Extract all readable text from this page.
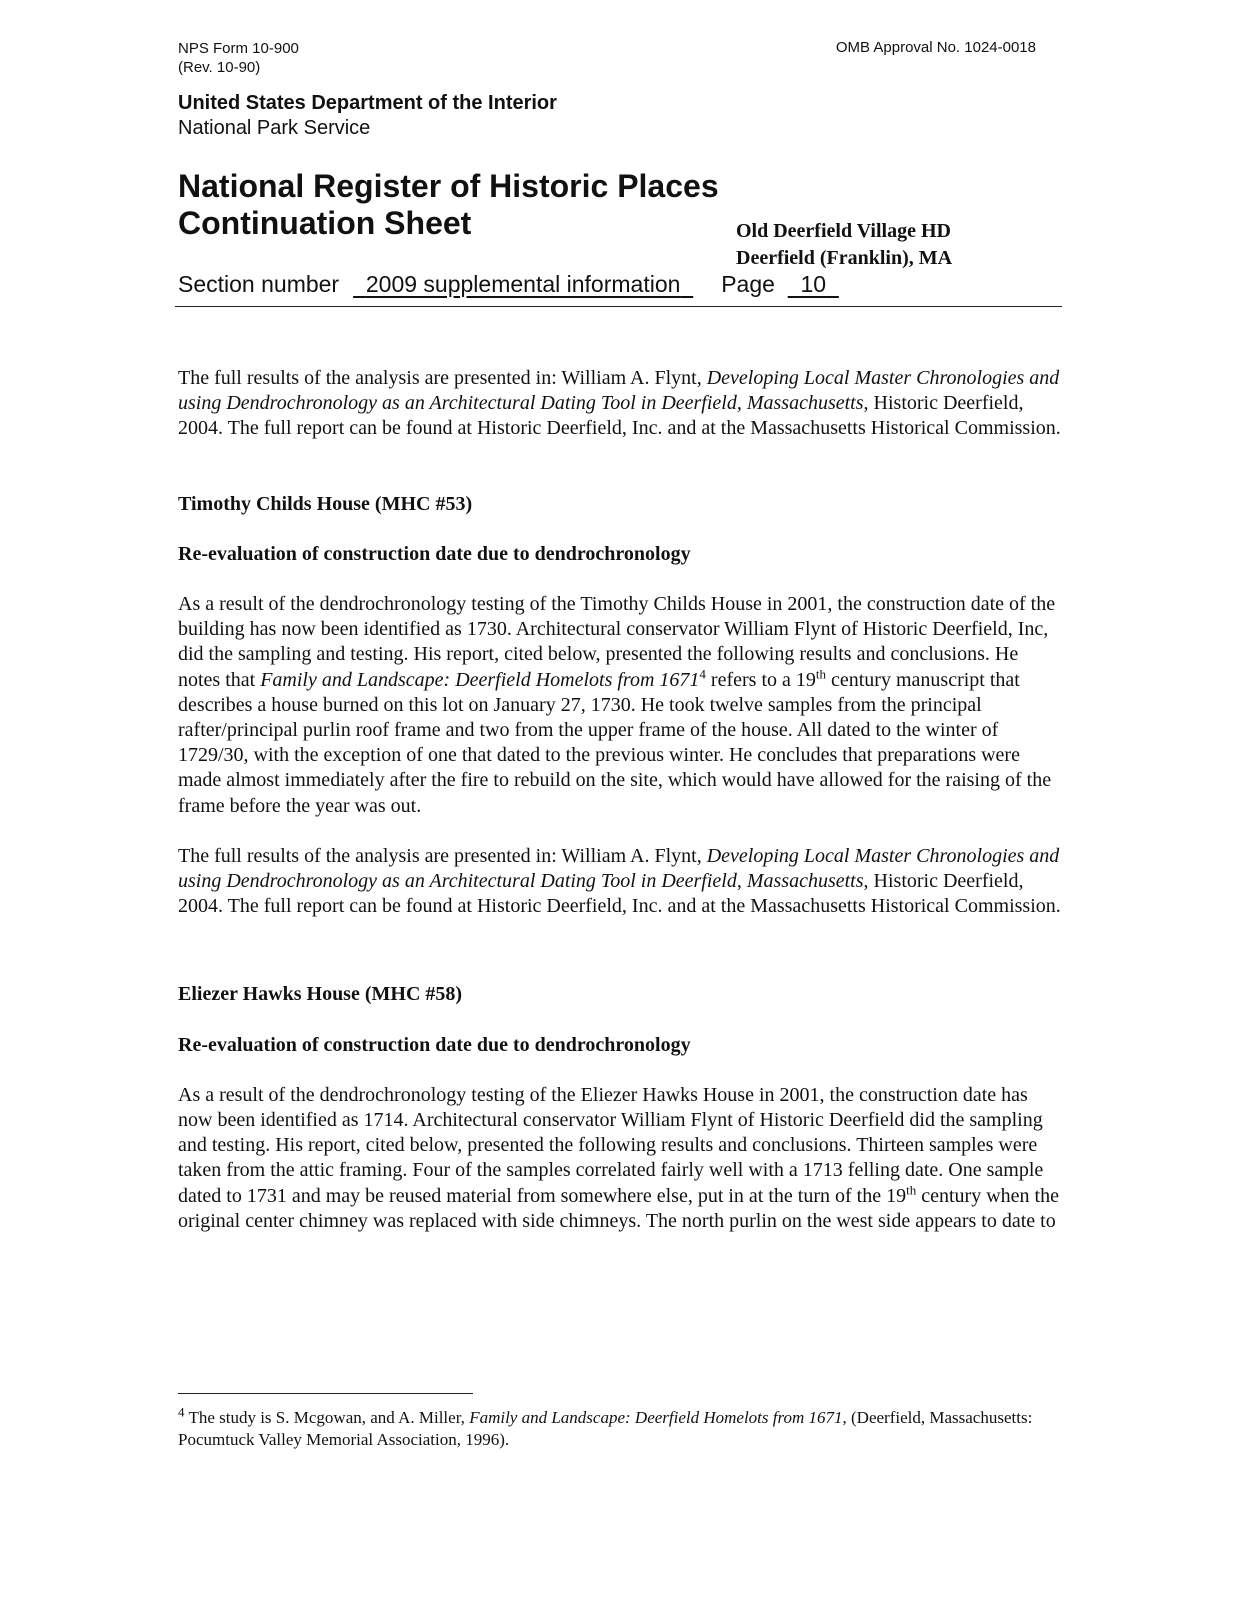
NPS Form 10-900
(Rev. 10-90)
OMB Approval No. 1024-0018
United States Department of the Interior
National Park Service
National Register of Historic Places
Continuation Sheet	Old Deerfield Village HD
Deerfield (Franklin), MA
Section number 2009 supplemental information Page 10

The full results of the analysis are presented in: William A. Flynt, Developing Local Master Chronologies and using Dendrochronology as an Architectural Dating Tool in Deerfield, Massachusetts, Historic Deerfield, 2004. The full report can be found at Historic Deerfield, Inc. and at the Massachusetts Historical Commission.

Timothy Childs House (MHC #53)
Re-evaluation of construction date due to dendrochronology

As a result of the dendrochronology testing of the Timothy Childs House in 2001, the construction date of the building has now been identified as 1730. Architectural conservator William Flynt of Historic Deerfield, Inc, did the sampling and testing. His report, cited below, presented the following results and conclusions. He notes that Family and Landscape: Deerfield Homelots from 1671$^4$ refers to a 19th century manuscript that describes a house burned on this lot on January 27, 1730. He took twelve samples from the principal rafter/principal purlin roof frame and two from the upper frame of the house. All dated to the winter of 1729/30, with the exception of one that dated to the previous winter. He concludes that preparations were made almost immediately after the fire to rebuild on the site, which would have allowed for the raising of the frame before the year was out.

The full results of the analysis are presented in: William A. Flynt, Developing Local Master Chronologies and using Dendrochronology as an Architectural Dating Tool in Deerfield, Massachusetts, Historic Deerfield, 2004. The full report can be found at Historic Deerfield, Inc. and at the Massachusetts Historical Commission.

Eliezer Hawks House (MHC #58)
Re-evaluation of construction date due to dendrochronology

As a result of the dendrochronology testing of the Eliezer Hawks House in 2001, the construction date has now been identified as 1714. Architectural conservator William Flynt of Historic Deerfield did the sampling and testing. His report, cited below, presented the following results and conclusions. Thirteen samples were taken from the attic framing. Four of the samples correlated fairly well with a 1713 felling date. One sample dated to 1731 and may be reused material from somewhere else, put in at the turn of the 19th century when the original center chimney was replaced with side chimneys. The north purlin on the west side appears to date to

$^4$ The study is S. Mcgowan, and A. Miller, Family and Landscape: Deerfield Homelots from 1671, (Deerfield, Massachusetts: Pocumtuck Valley Memorial Association, 1996).
